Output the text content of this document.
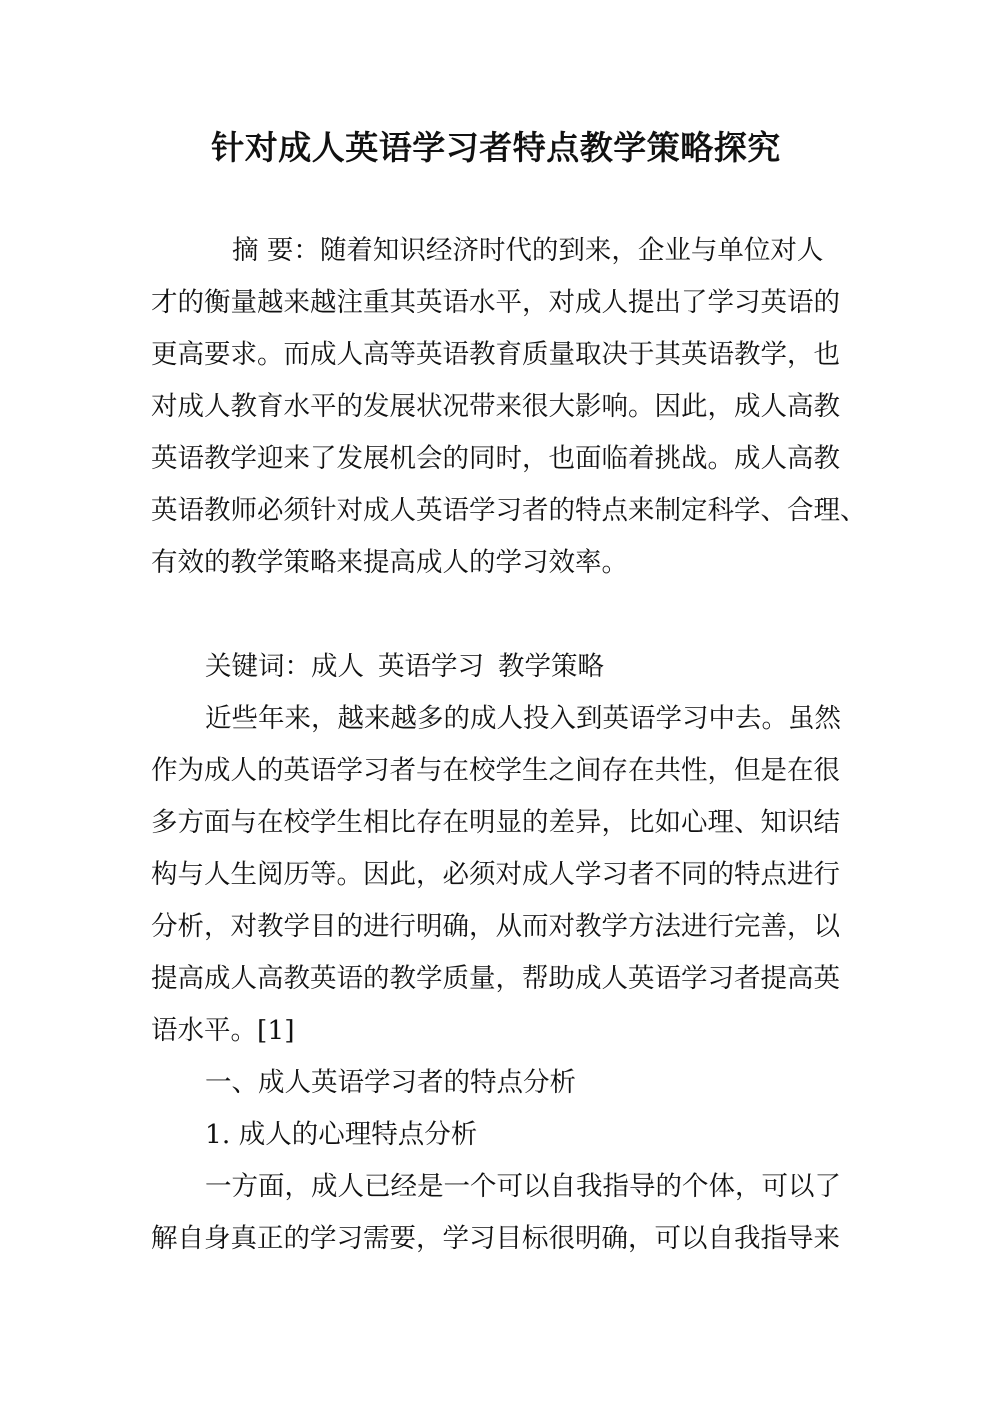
针对成人英语学习者特点教学策略探究
摘 要：随着知识经济时代的到来，企业与单位对人
才的衡量越来越注重其英语水平，对成人提出了学习英语的
更高要求。而成人高等英语教育质量取决于其英语教学，也
对成人教育水平的发展状况带来很大影响。因此，成人高教
英语教学迎来了发展机会的同时，也面临着挑战。成人高教
英语教师必须针对成人英语学习者的特点来制定科学、合理、
有效的教学策略来提高成人的学习效率。
关键词：成人 英语学习 教学策略
近些年来，越来越多的成人投入到英语学习中去。虽然
作为成人的英语学习者与在校学生之间存在共性，但是在很
多方面与在校学生相比存在明显的差异，比如心理、知识结
构与人生阅历等。因此，必须对成人学习者不同的特点进行
分析，对教学目的进行明确，从而对教学方法进行完善，以
提高成人高教英语的教学质量，帮助成人英语学习者提高英
语水平。[1]
一、成人英语学习者的特点分析
1. 成人的心理特点分析
一方面，成人已经是一个可以自我指导的个体，可以了
解自身真正的学习需要，学习目标很明确，可以自我指导来
